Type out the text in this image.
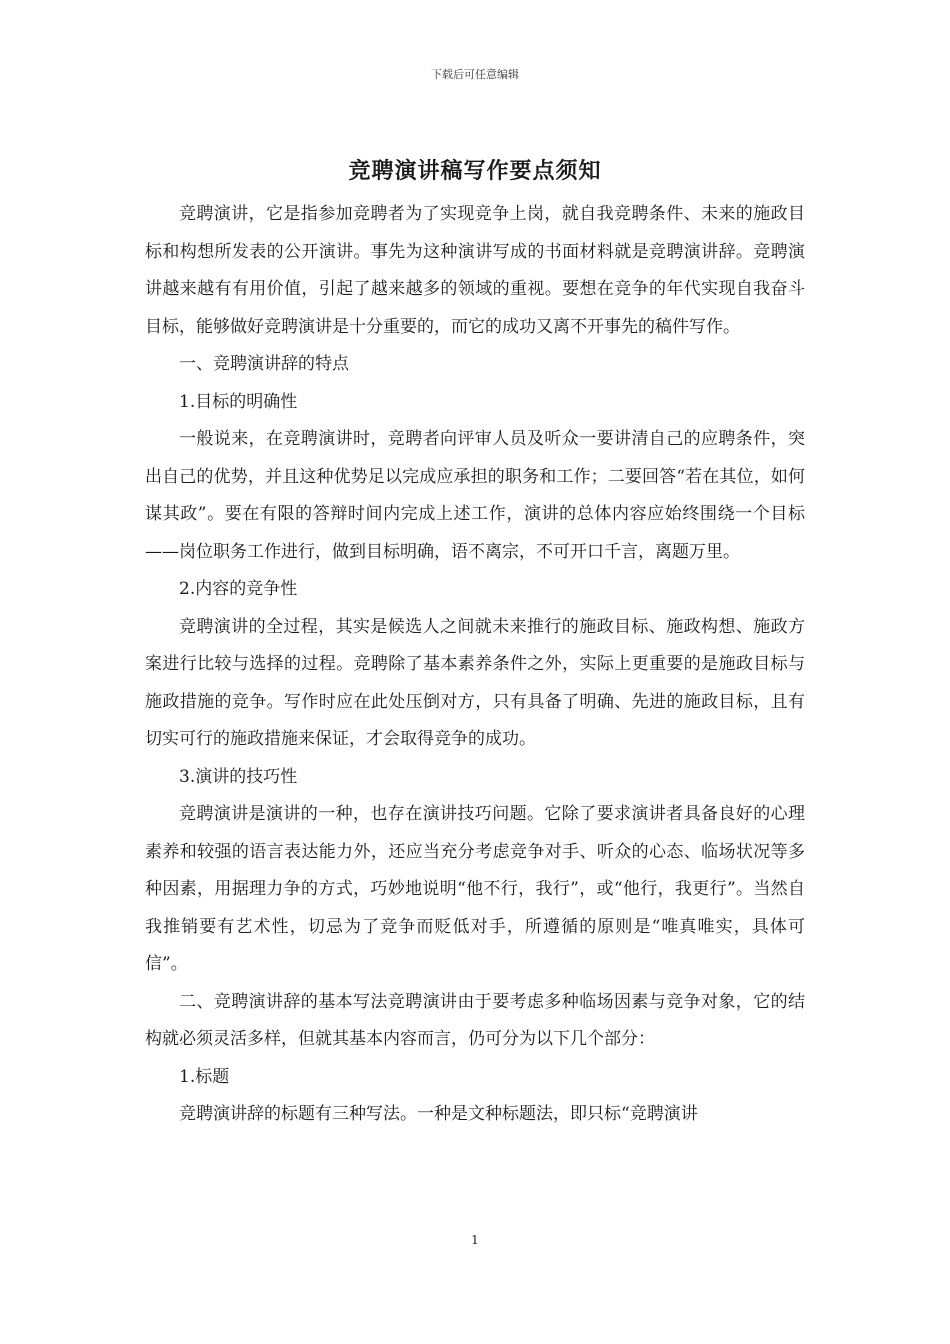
下载后可任意编辑
竞聘演讲稿写作要点须知

竞聘演讲，它是指参加竞聘者为了实现竞争上岗，就自我竞聘条件、未来的施政目标和构想所发表的公开演讲。事先为这种演讲写成的书面材料就是竞聘演讲辞。竞聘演讲越来越有有用价值，引起了越来越多的领域的重视。要想在竞争的年代实现自我奋斗目标，能够做好竞聘演讲是十分重要的，而它的成功又离不开事先的稿件写作。

一、竞聘演讲辞的特点

1.目标的明确性

一般说来，在竞聘演讲时，竞聘者向评审人员及听众一要讲清自己的应聘条件，突出自己的优势，并且这种优势足以完成应承担的职务和工作；二要回答“若在其位，如何谋其政”。要在有限的答辩时间内完成上述工作，演讲的总体内容应始终围绕一个目标——岗位职务工作进行，做到目标明确，语不离宗，不可开口千言，离题万里。

2.内容的竞争性

竞聘演讲的全过程，其实是候选人之间就未来推行的施政目标、施政构想、施政方案进行比较与选择的过程。竞聘除了基本素养条件之外，实际上更重要的是施政目标与施政措施的竞争。写作时应在此处压倒对方，只有具备了明确、先进的施政目标，且有切实可行的施政措施来保证，才会取得竞争的成功。

3.演讲的技巧性

竞聘演讲是演讲的一种，也存在演讲技巧问题。它除了要求演讲者具备良好的心理素养和较强的语言表达能力外，还应当充分考虑竞争对手、听众的心态、临场状况等多种因素，用据理力争的方式，巧妙地说明“他不行，我行”，或“他行，我更行”。当然自我推销要有艺术性，切忌为了竞争而贬低对手，所遵循的原则是“唯真唯实，具体可信”。

二、竞聘演讲辞的基本写法竞聘演讲由于要考虑多种临场因素与竞争对象，它的结构就必须灵活多样，但就其基本内容而言，仍可分为以下几个部分：

1.标题

竞聘演讲辞的标题有三种写法。一种是文种标题法，即只标“竞聘演讲

1
